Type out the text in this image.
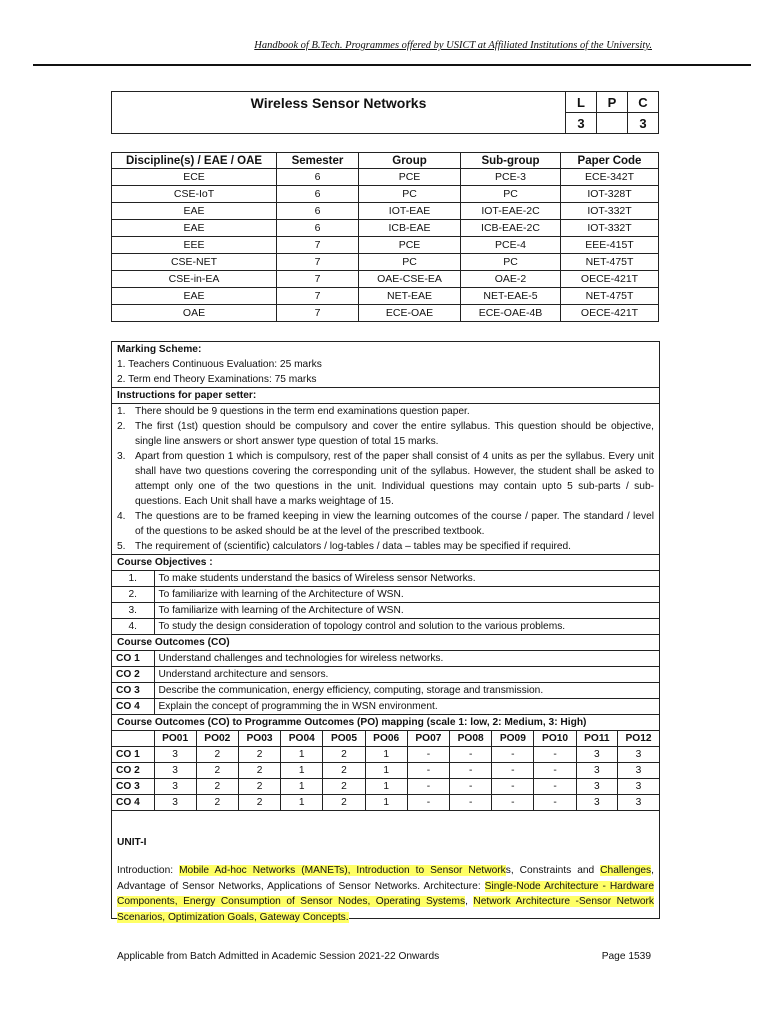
Handbook of B.Tech. Programmes offered by USICT at Affiliated Institutions of the University.
Wireless Sensor Networks	L	P	C
	3		3
Discipline(s) / EAE / OAE	Semester	Group	Sub-group	Paper Code
ECE	6	PCE	PCE-3	ECE-342T
CSE-IoT	6	PC	PC	IOT-328T
EAE	6	IOT-EAE	IOT-EAE-2C	IOT-332T
EAE	6	ICB-EAE	ICB-EAE-2C	IOT-332T
EEE	7	PCE	PCE-4	EEE-415T
CSE-NET	7	PC	PC	NET-475T
CSE-in-EA	7	OAE-CSE-EA	OAE-2	OECE-421T
EAE	7	NET-EAE	NET-EAE-5	NET-475T
OAE	7	ECE-OAE	ECE-OAE-4B	OECE-421T
Marking Scheme:
1. Teachers Continuous Evaluation: 25 marks
2. Term end Theory Examinations: 75 marks
Instructions for paper setter:
1. There should be 9 questions in the term end examinations question paper.
2. The first (1st) question should be compulsory and cover the entire syllabus. This question should be objective, single line answers or short answer type question of total 15 marks.
3. Apart from question 1 which is compulsory, rest of the paper shall consist of 4 units as per the syllabus. Every unit shall have two questions covering the corresponding unit of the syllabus. However, the student shall be asked to attempt only one of the two questions in the unit. Individual questions may contain upto 5 sub-parts / sub-questions. Each Unit shall have a marks weightage of 15.
4. The questions are to be framed keeping in view the learning outcomes of the course / paper. The standard / level of the questions to be asked should be at the level of the prescribed textbook.
5. The requirement of (scientific) calculators / log-tables / data – tables may be specified if required.
Course Objectives :
1.	To make students understand the basics of Wireless sensor Networks.
2.	To familiarize with learning of the Architecture of WSN.
3.	To familiarize with learning of the Architecture of WSN.
4.	To study the design consideration of topology control and solution to the various problems.
Course Outcomes (CO)
CO 1	Understand challenges and technologies for wireless networks.
CO 2	Understand architecture and sensors.
CO 3	Describe the communication, energy efficiency, computing, storage and transmission.
CO 4	Explain the concept of programming the in WSN environment.
Course Outcomes (CO) to Programme Outcomes (PO) mapping (scale 1: low, 2: Medium, 3: High)
	PO01	PO02	PO03	PO04	PO05	PO06	PO07	PO08	PO09	PO10	PO11	PO12
CO 1	3	2	2	1	2	1	-	-	-	-	3	3
CO 2	3	2	2	1	2	1	-	-	-	-	3	3
CO 3	3	2	2	1	2	1	-	-	-	-	3	3
CO 4	3	2	2	1	2	1	-	-	-	-	3	3
UNIT-I
Introduction: Mobile Ad-hoc Networks (MANETs), Introduction to Sensor Networks, Constraints and Challenges, Advantage of Sensor Networks, Applications of Sensor Networks. Architecture: Single-Node Architecture - Hardware Components, Energy Consumption of Sensor Nodes, Operating Systems, Network Architecture -Sensor Network Scenarios, Optimization Goals, Gateway Concepts.
Applicable from Batch Admitted in Academic Session 2021-22 Onwards	Page 1539
